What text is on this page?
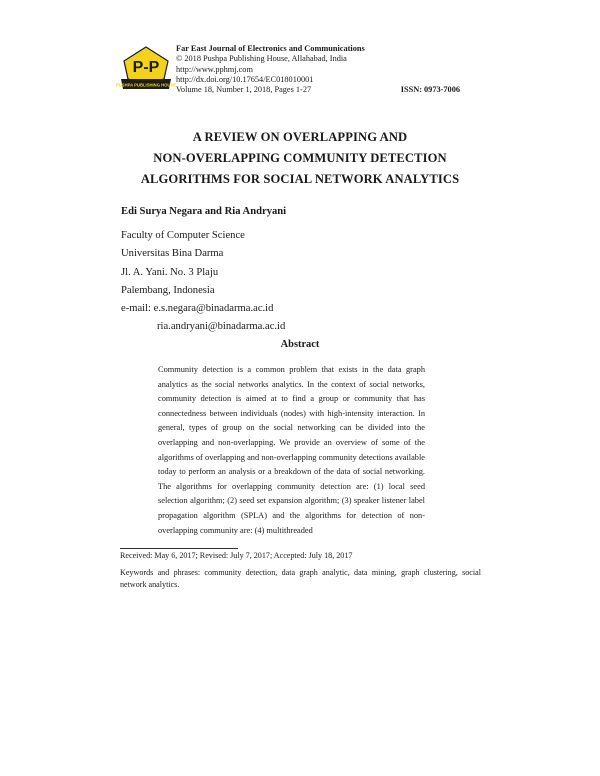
P-P
PUSHPA PUBLISHING HOUSE
Far East Journal of Electronics and Communications
© 2018 Pushpa Publishing House, Allahabad, India
http://www.pphmj.com
http://dx.doi.org/10.17654/EC018010001
Volume 18, Number 1, 2018, Pages 1-27	ISSN: 0973-7006
A REVIEW ON OVERLAPPING AND
NON-OVERLAPPING COMMUNITY DETECTION
ALGORITHMS FOR SOCIAL NETWORK ANALYTICS
Edi Surya Negara and Ria Andryani
Faculty of Computer Science
Universitas Bina Darma
Jl. A. Yani. No. 3 Plaju
Palembang, Indonesia
e-mail: e.s.negara@binadarma.ac.id
ria.andryani@binadarma.ac.id
Abstract
Community detection is a common problem that exists in the data graph analytics as the social networks analytics. In the context of social networks, community detection is aimed at to find a group or community that has connectedness between individuals (nodes) with high-intensity interaction. In general, types of group on the social networking can be divided into the overlapping and non-overlapping. We provide an overview of some of the algorithms of overlapping and non-overlapping community detections available today to perform an analysis or a breakdown of the data of social networking. The algorithms for overlapping community detection are: (1) local seed selection algorithm; (2) seed set expansion algorithm; (3) speaker listener label propagation algorithm (SPLA) and the algorithms for detection of non-overlapping community are: (4) multithreaded
Received: May 6, 2017; Revised: July 7, 2017; Accepted: July 18, 2017
Keywords and phrases: community detection, data graph analytic, data mining, graph clustering, social network analytics.
